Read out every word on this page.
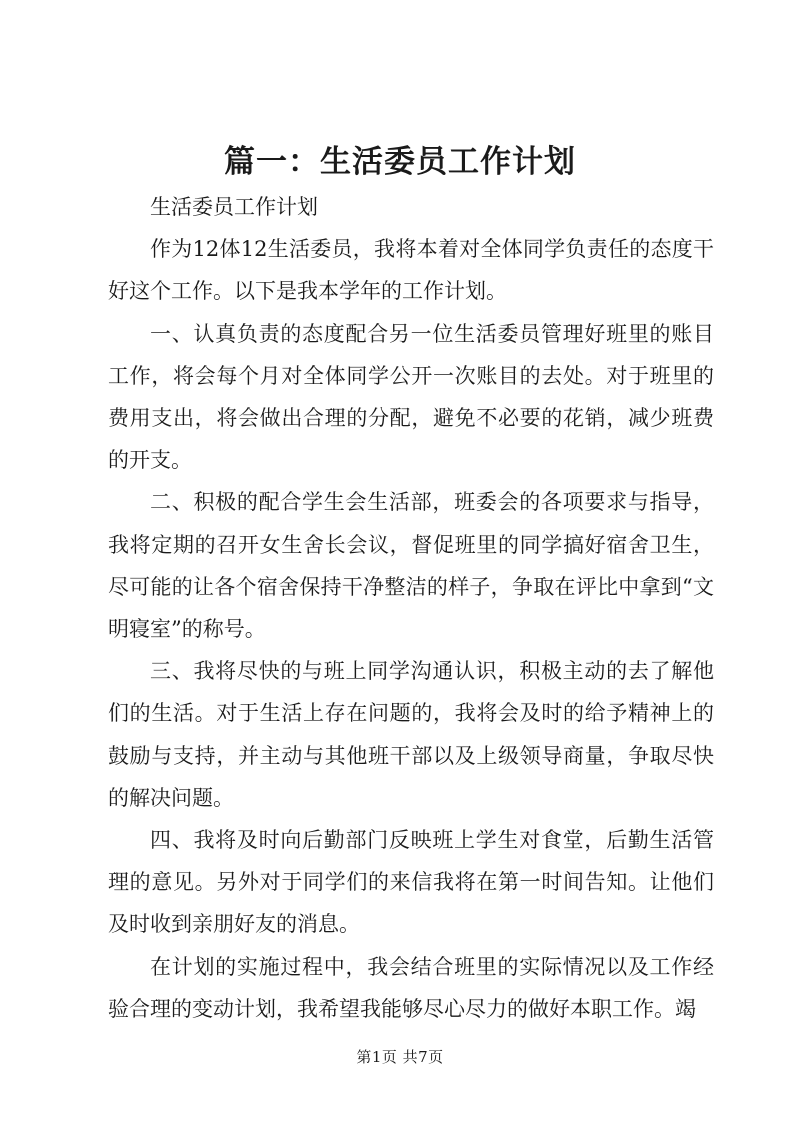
篇一：生活委员工作计划

生活委员工作计划

作为12体12生活委员，我将本着对全体同学负责任的态度干好这个工作。以下是我本学年的工作计划。

一、认真负责的态度配合另一位生活委员管理好班里的账目工作，将会每个月对全体同学公开一次账目的去处。对于班里的费用支出，将会做出合理的分配，避免不必要的花销，减少班费的开支。

二、积极的配合学生会生活部，班委会的各项要求与指导，我将定期的召开女生舍长会议，督促班里的同学搞好宿舍卫生，尽可能的让各个宿舍保持干净整洁的样子，争取在评比中拿到“文明寝室”的称号。

三、我将尽快的与班上同学沟通认识，积极主动的去了解他们的生活。对于生活上存在问题的，我将会及时的给予精神上的鼓励与支持，并主动与其他班干部以及上级领导商量，争取尽快的解决问题。

四、我将及时向后勤部门反映班上学生对食堂，后勤生活管理的意见。另外对于同学们的来信我将在第一时间告知。让他们及时收到亲朋好友的消息。

在计划的实施过程中，我会结合班里的实际情况以及工作经验合理的变动计划，我希望我能够尽心尽力的做好本职工作。竭

第1页 共7页
